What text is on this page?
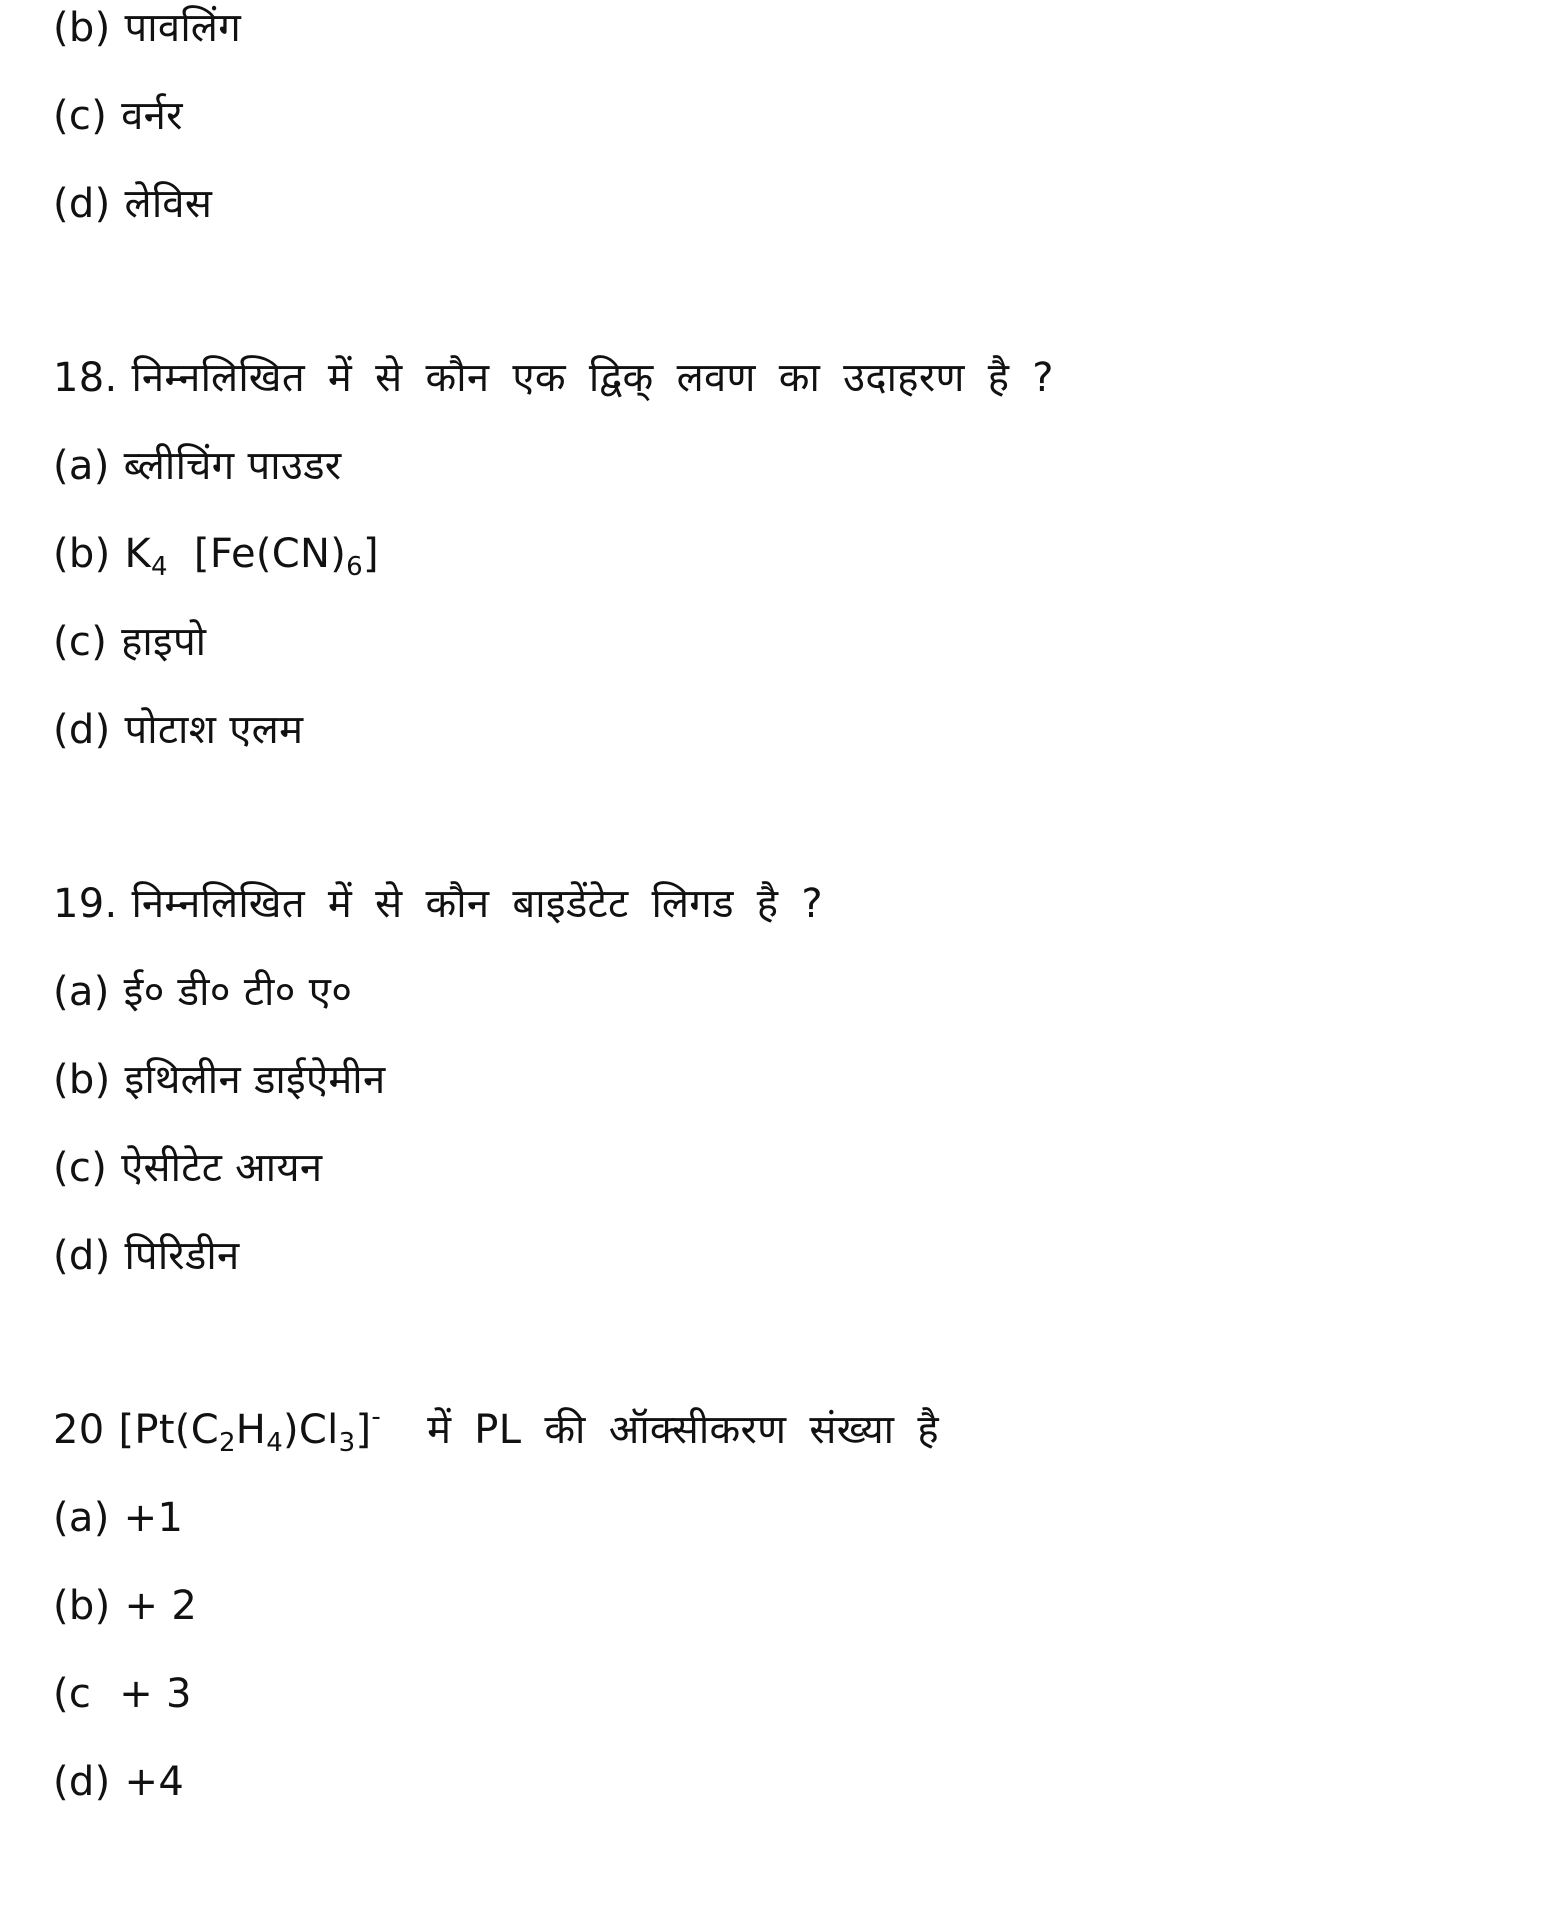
(b) पावलिंग
(c) वर्नर
(d) लेविस
18. निम्नलिखित में से कौन एक द्विक् लवण का उदाहरण है ?
(a) ब्लीचिंग पाउडर
(b) $K_4$ $[Fe(CN)_6]$
(c) हाइपो
(d) पोटाश एलम
19. निम्नलिखित में से कौन बाइडेंटेट लिगड है ?
(a) ई० डी० टी० ए०
(b) इथिलीन डाईऐमीन
(c) ऐसीटेट आयन
(d) पिरिडीन
20 $[Pt(C_2H_4)Cl_3]^-$ में PL की ऑक्सीकरण संख्या है
(a) +1
(b) + 2
(c + 3
(d) +4
